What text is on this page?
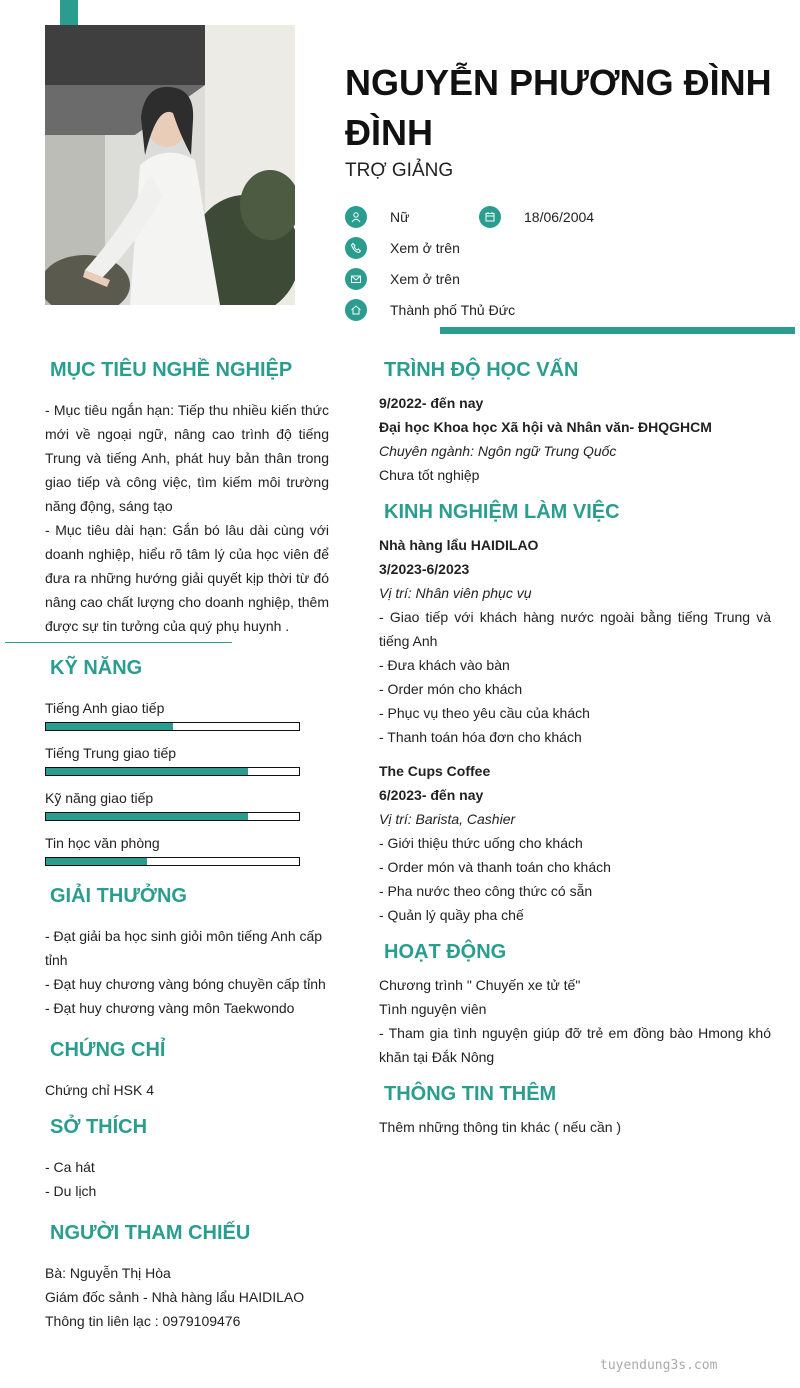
NGUYỄN PHƯƠNG ĐÌNH ĐÌNH
TRỢ GIẢNG
Nữ	18/06/2004
Xem ở trên
Xem ở trên
Thành phố Thủ Đức
MỤC TIÊU NGHỀ NGHIỆP

- Mục tiêu ngắn hạn: Tiếp thu nhiều kiến thức mới về ngoại ngữ, nâng cao trình độ tiếng Trung và tiếng Anh, phát huy bản thân trong giao tiếp và công việc, tìm kiếm môi trường năng động, sáng tạo

- Mục tiêu dài hạn: Gắn bó lâu dài cùng với doanh nghiệp, hiểu rõ tâm lý của học viên để đưa ra những hướng giải quyết kịp thời từ đó nâng cao chất lượng cho doanh nghiệp, thêm được sự tin tưởng của quý phụ huynh .

KỸ NĂNG
Tiếng Anh giao tiếp
Tiếng Trung giao tiếp
Kỹ năng giao tiếp
Tin học văn phòng
GIẢI THƯỞNG

- Đạt giải ba học sinh giỏi môn tiếng Anh cấp tỉnh

- Đạt huy chương vàng bóng chuyền cấp tỉnh

- Đạt huy chương vàng môn Taekwondo

CHỨNG CHỈ
Chứng chỉ HSK 4
SỞ THÍCH

- Ca hát

- Du lịch

NGƯỜI THAM CHIẾU

Bà: Nguyễn Thị Hòa

Giám đốc sảnh - Nhà hàng lẩu HAIDILAO

Thông tin liên lạc : 0979109476

TRÌNH ĐỘ HỌC VẤN

9/2022- đến nay

Đại học Khoa học Xã hội và Nhân văn- ĐHQGHCM

Chuyên ngành: Ngôn ngữ Trung Quốc

Chưa tốt nghiệp

KINH NGHIỆM LÀM VIỆC

Nhà hàng lẩu HAIDILAO

3/2023-6/2023

Vị trí: Nhân viên phục vụ

- Giao tiếp với khách hàng nước ngoài bằng tiếng Trung và tiếng Anh

- Đưa khách vào bàn

- Order món cho khách

- Phục vụ theo yêu cầu của khách

- Thanh toán hóa đơn cho khách

The Cups Coffee

6/2023- đến nay

Vị trí: Barista, Cashier

- Giới thiệu thức uống cho khách

- Order món và thanh toán cho khách

- Pha nước theo công thức có sẵn

- Quản lý quầy pha chế

HOẠT ĐỘNG

Chương trình " Chuyến xe tử tế"

Tình nguyện viên

- Tham gia tình nguyện giúp đỡ trẻ em đồng bào Hmong khó khăn tại Đắk Nông

THÔNG TIN THÊM
Thêm những thông tin khác ( nếu cần )
tuyendung3s.com
